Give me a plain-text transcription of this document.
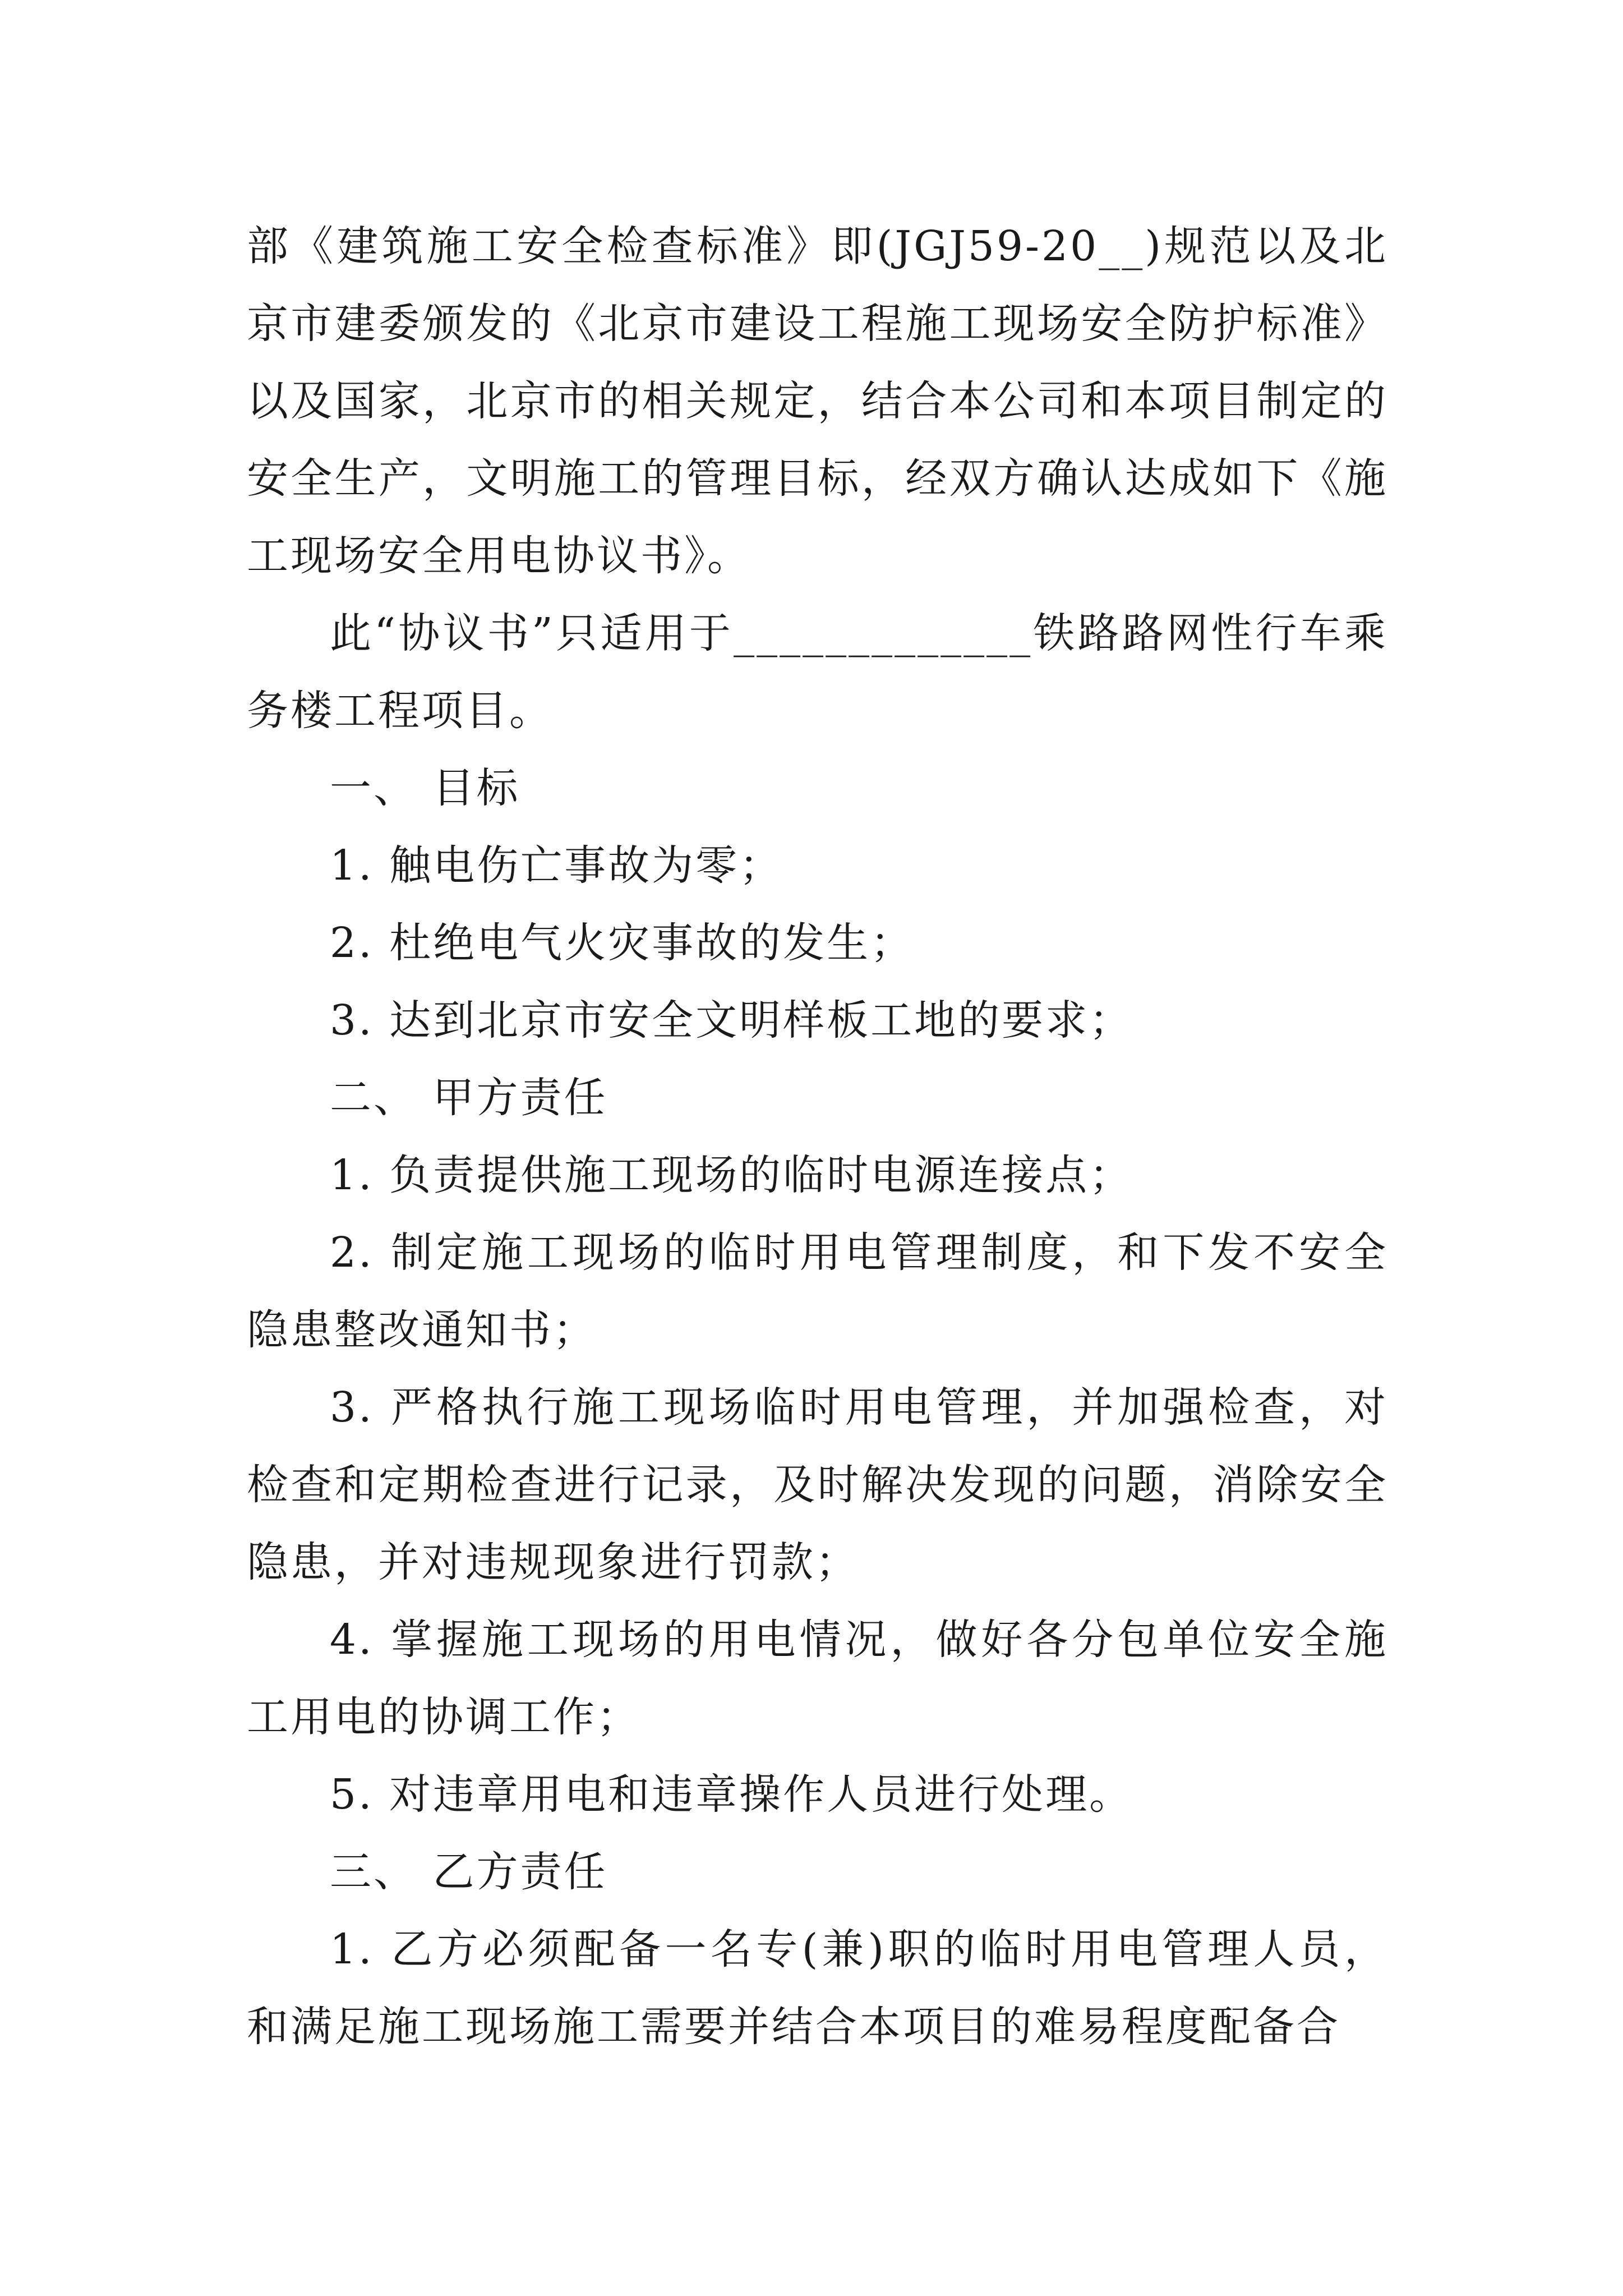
部《建筑施工安全检查标准》即(JGJ59-20__)规范以及北京市建委颁发的《北京市建设工程施工现场安全防护标准》以及国家，北京市的相关规定，结合本公司和本项目制定的安全生产，文明施工的管理目标，经双方确认达成如下《施工现场安全用电协议书》。

此“协议书”只适用于_____________铁路路网性行车乘务楼工程项目。

一、 目标

1. 触电伤亡事故为零；

2. 杜绝电气火灾事故的发生；

3. 达到北京市安全文明样板工地的要求；

二、 甲方责任

1. 负责提供施工现场的临时电源连接点；

2. 制定施工现场的临时用电管理制度，和下发不安全隐患整改通知书；

3. 严格执行施工现场临时用电管理，并加强检查，对检查和定期检查进行记录，及时解决发现的问题，消除安全隐患，并对违规现象进行罚款；

4. 掌握施工现场的用电情况，做好各分包单位安全施工用电的协调工作；

5. 对违章用电和违章操作人员进行处理。

三、 乙方责任

1. 乙方必须配备一名专(兼)职的临时用电管理人员，和满足施工现场施工需要并结合本项目的难易程度配备合
